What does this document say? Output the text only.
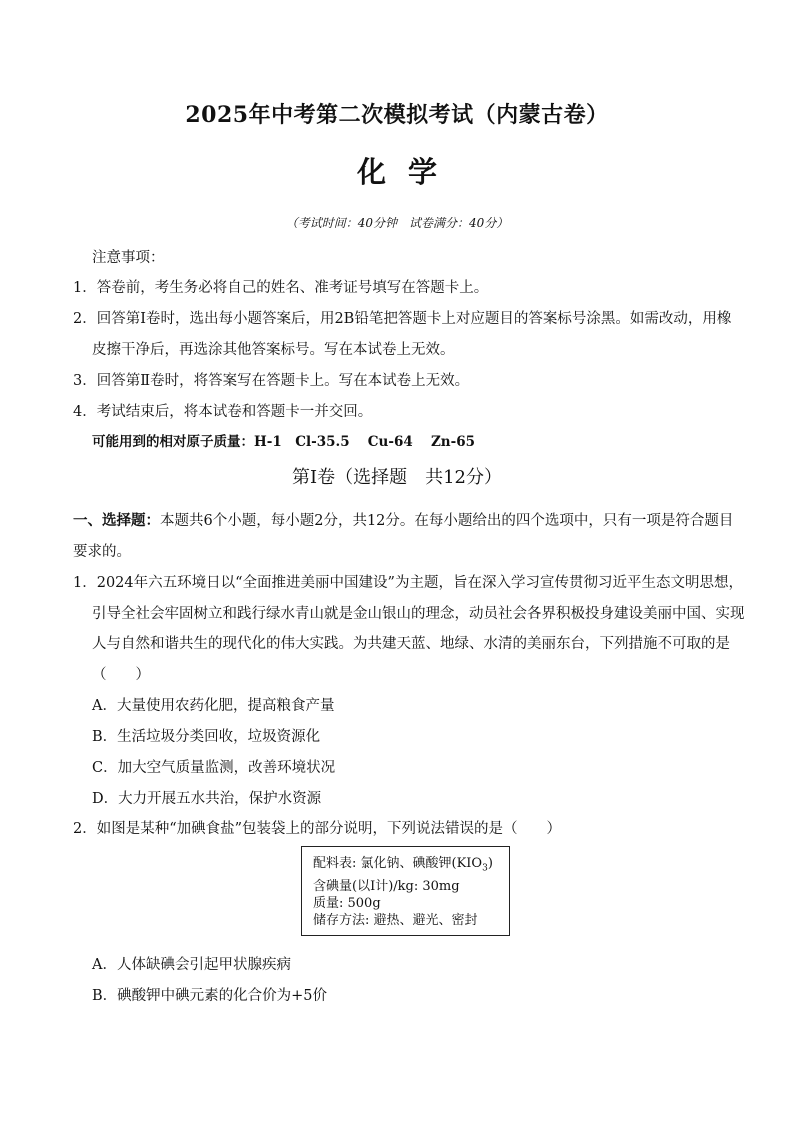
2025年中考第二次模拟考试（内蒙古卷）
化学
（考试时间：40分钟　试卷满分：40分）
注意事项：
1．答卷前，考生务必将自己的姓名、准考证号填写在答题卡上。
2．回答第Ⅰ卷时，选出每小题答案后，用2B铅笔把答题卡上对应题目的答案标号涂黑。如需改动，用橡
皮擦干净后，再选涂其他答案标号。写在本试卷上无效。
3．回答第Ⅱ卷时，将答案写在答题卡上。写在本试卷上无效。
4．考试结束后，将本试卷和答题卡一并交回。
可能用到的相对原子质量：H-1　Cl-35.5　 Cu-64　 Zn-65
第Ⅰ卷（选择题　共12分）
一、选择题：本题共6个小题，每小题2分，共12分。在每小题给出的四个选项中，只有一项是符合题目
要求的。
1．2024年六五环境日以“全面推进美丽中国建设”为主题，旨在深入学习宣传贯彻习近平生态文明思想，
引导全社会牢固树立和践行绿水青山就是金山银山的理念，动员社会各界积极投身建设美丽中国、实现
人与自然和谐共生的现代化的伟大实践。为共建天蓝、地绿、水清的美丽东台，下列措施不可取的是
（　　）
A．大量使用农药化肥，提高粮食产量
B．生活垃圾分类回收，垃圾资源化
C．加大空气质量监测，改善环境状况
D．大力开展五水共治，保护水资源
2．如图是某种“加碘食盐”包装袋上的部分说明，下列说法错误的是（　　）
配料表: 氯化钠、碘酸钾$(KIO_3)$
含碘量(以I计)/kg: 30mg
质量: 500g
储存方法: 避热、避光、密封
A．人体缺碘会引起甲状腺疾病
B．碘酸钾中碘元素的化合价为+5价
